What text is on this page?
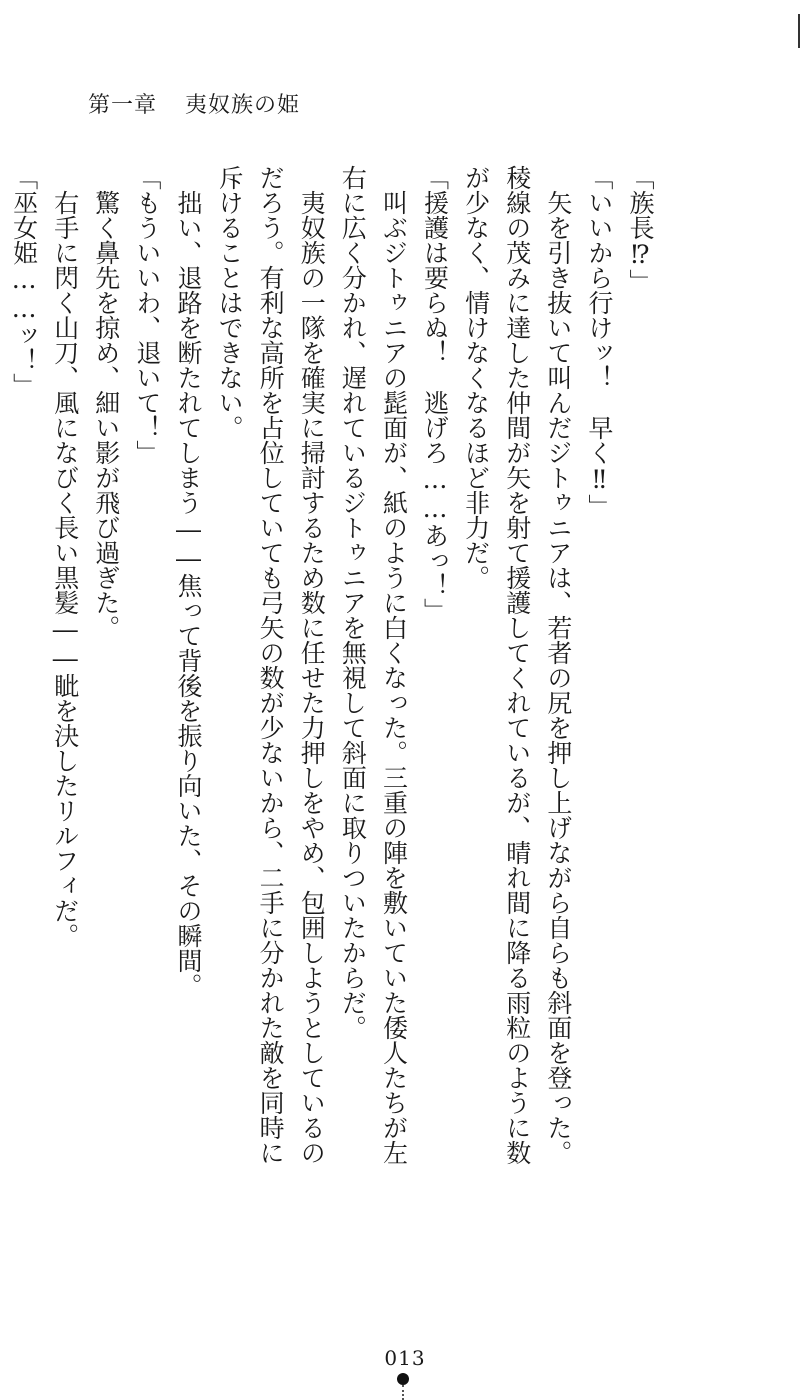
第一章 夷奴族の姫
「族長⁉」
「いいから行けッ！　早く‼」
　矢を引き抜いて叫んだジトゥニアは、若者の尻を押し上げながら自らも斜面を登った。
稜線の茂みに達した仲間が矢を射て援護してくれているが、晴れ間に降る雨粒のように数
が少なく、情けなくなるほど非力だ。
「援護は要らぬ！　逃げろ……あっ！」
　叫ぶジトゥニアの髭面が、紙のように白くなった。三重の陣を敷いていた倭人たちが左
右に広く分かれ、遅れているジトゥニアを無視して斜面に取りついたからだ。
　夷奴族の一隊を確実に掃討するため数に任せた力押しをやめ、包囲しようとしているの
だろう。有利な高所を占位していても弓矢の数が少ないから、二手に分かれた敵を同時に
斥けることはできない。
　拙い、退路を断たれてしまう――焦って背後を振り向いた、その瞬間。
「もういいわ、退いて！」
　驚く鼻先を掠め、細い影が飛び過ぎた。
　右手に閃く山刀、風になびく長い黒髪――眦を決したリルフィだ。
「巫女姫……ッ！」
013
